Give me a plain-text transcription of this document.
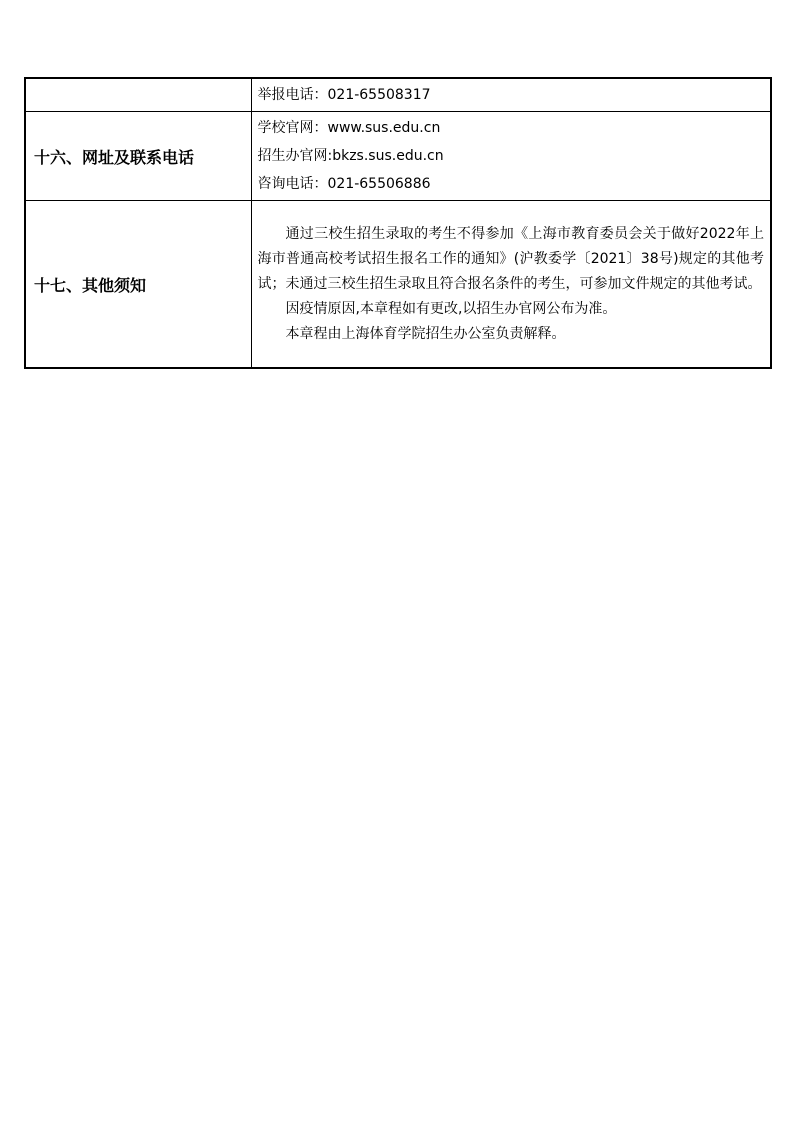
	举报电话：021-65508317

十六、网址及联系电话	学校官网：www.sus.edu.cn
招生办官网:bkzs.sus.edu.cn
咨询电话：021-65506886

十七、其他须知	通过三校生招生录取的考生不得参加《上海市教育委员会关于做好2022年上海市普通高校考试招生报名工作的通知》(沪教委学〔2021〕38号)规定的其他考试；未通过三校生招生录取且符合报名条件的考生，可参加文件规定的其他考试。

因疫情原因,本章程如有更改,以招生办官网公布为准。

本章程由上海体育学院招生办公室负责解释。
